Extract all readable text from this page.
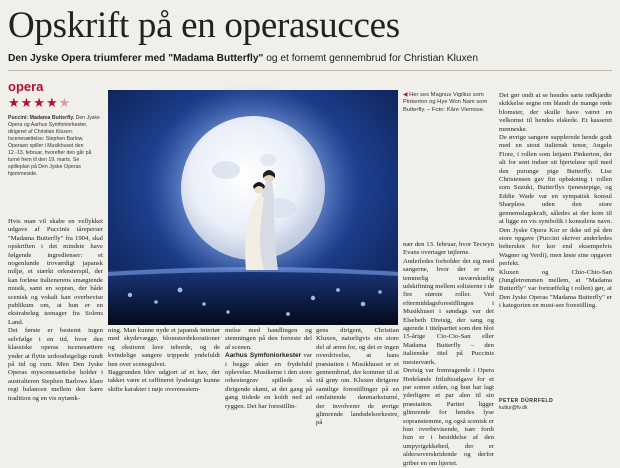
Opskrift på en operasucces
Den Jyske Opera triumferer med "Madama Butterfly" og et fornemt gennembrud for Christian Kluxen
opera
★★★★★
Puccini: Madama Butterfly. Den Jyske Opera og Aarhus Symfoniorkester, dirigeret af Christian Kluxen. Iscenesættelse: Stephen Barlow. Operaen spiller i Musikhuset den 12.-13. februar, hvorefter den går på turné frem til den 19. marts. Se spilleplan på Den Jyske Operas hjemmeside.

Hvis man vil skabe en vellykket udgave af Puccinis tåreperser "Madama Butterfly" fra 1904, skal opskriften i det mindste have følgende ingredienser: et nogenlunde troværdigt japansk miljø, et stærkt orkesterspil, der kan forløse italienerens smægtende musik, samt en sopran, der både scenisk og vokalt kan overbevise publikum om, at hun er en ekstrabeløg teenager fra Solens Land.

Det første er bestemt ingen selvfølge i en tid, hvor den klassiske operas iscenesættere ynder at flytte urdoudsigelige rundt på tid og rum. Men Den Jyske Operas myscenesættelse holder i australieren Stephen Barlows klare regi balancen mellem den kære tradition og en vis nytænk-

ning. Man kunne nyde et japansk interiør med skydevægge, blomsterdekorationer og ekstremt lave teborde, og de kvindelige sangere trippede yndefuldt hen over scenegulvet.

Baggrunden blev udgjort af et hav, der takket være et raffineret lysdesign kunne skifte karakter i nøje overensstem-

melse med handlingen og stemningen på den forreste del af scenen.

Aarhus Symfoniorkester var i begge akter en frydefuld oplevelse. Musikerne i den store orkestergrav spillede så dirigende skønt, at det gang på gang tiidede en koldt ned ad ryggen. Det har forestillin-

gens dirigent, Christian Kluxen, naturligvis sin store del af æren for, og det er ingen overdrivelse, at hans præstation i Musikhuset er et gennembrud, der kommer til at stå grøy om. Kluxen dirigerer samtlige forestillinger på en omfattende danmarksturné, der involverer de øvrige glimrende landsdelsorkestre, på

◀ Her ses Magnus Vigilius som Pinkerton og Hye Won Nam som Butterfly. – Foto: Kåre Viemose.

nær den 13. februar, hvor Tecwyn Evans overtager tøjlerne.

Anderledes forholder det sig med sangerne, hvor der er en temmelig usværskuelig udskiftning mellem solisterne i de fire største roller. Ved eftermiddagsforestillingen i Musikhuset i søndags var det Elsebeth Dreisig, der sang og agerede i titelpartiet som den blot 15-årige Cio-Cio-San eller Madama Butterfly – den italienske titel på Puccinis mesterværk.

Dreisig var fremragende i Opera Hedelands friluftsudgave for et par somre siden, og hun har lagt yderligere et par alen til sin præstation. Partiet ligger glimrende for hendes lyse sopranstemme, og også scenisk er hun overbevisende, især fordi hun er i besiddelse af den umpyrigekkehed, der er aldersoverskridende og derfor griber en om hjertet.

Det gør ondt at se hendes sarte rødkjædte skikkelse segne om blandt de mange røde blomster, der skulle have været en velkomst til hendes elskede. Et kasseret menneske.

De øvrige sangere supplerede hende godt med en stout italiensk tenor, Angelo Fiore, i rollen som letjamt Pinkerton, der alt for sent indser sit hjerteløse spil med den purunge pige Butterfly. Lise Christensen gav fin opbakning i rollen som Suzuki, Butterflys tjenestepige, og Eddie Wade var en sympatisk konsul Sharpless uden den store gennemslagskraft, således at der kom til at ligge en vis symbolik i konsulens navn. Den Jyske Opera Kor er ikke ud på den store opgave (Puccini skriver anderledes beherskot for kor end eksempelvis Wagner og Verdi), men løste sine opgaver perfekt.

Kluxen og Chio-Chio-San (Jungletrommen mellem, at "Madama Butterfly" var fortræffelig i rollen) gør, at Den Jyske Operas "Madama Butterfly" er i kategorien en must-see forestilling.

PETER DÜRRFELD
kultur@fv.dk
